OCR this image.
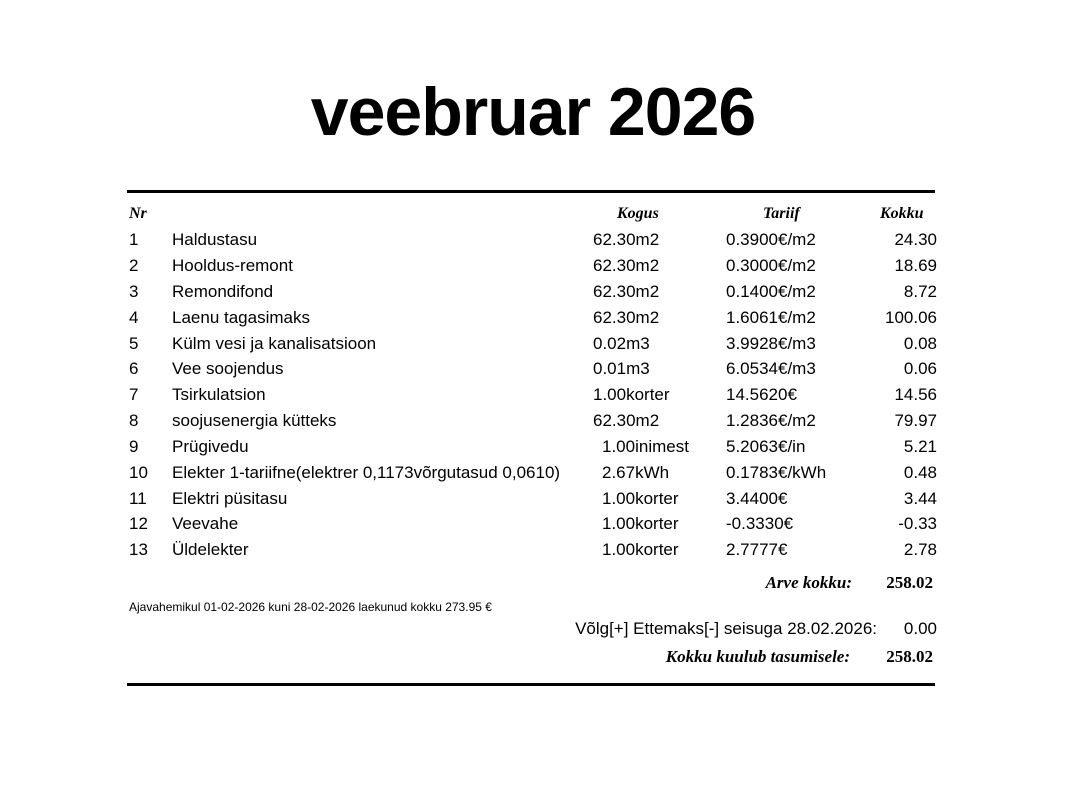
veebruar 2026
Nr	Kogus	Tariif	Kokku
1 Haldustasu	62.30m2	0.3900€/m2	24.30
2 Hooldus-remont	62.30m2	0.3000€/m2	18.69
3 Remondifond	62.30m2	0.1400€/m2	8.72
4 Laenu tagasimaks	62.30m2	1.6061€/m2	100.06
5 Külm vesi ja kanalisatsioon	0.02m3	3.9928€/m3	0.08
6 Vee soojendus	0.01m3	6.0534€/m3	0.06
7 Tsirkulatsion	1.00korter	14.5620€	14.56
8 soojusenergia kütteks	62.30m2	1.2836€/m2	79.97
9 Prügivedu	1.00inimest 5.2063€/in	5.21
10 Elekter 1-tariifne(elektrer 0,1173võrgutasud 0,0610) 2.67kWh	0.1783€/kWh	0.48
11 Elektri püsitasu	1.00korter	3.4400€	3.44
12 Veevahe	1.00korter	-0.3330€	-0.33
13 Üldelekter	1.00korter	2.7777€	2.78
Arve kokku: 258.02
Ajavahemikul 01-02-2026 kuni 28-02-2026 laekunud kokku 273.95 €
Võlg[+] Ettemaks[-] seisuga 28.02.2026: 0.00
Kokku kuulub tasumisele: 258.02
